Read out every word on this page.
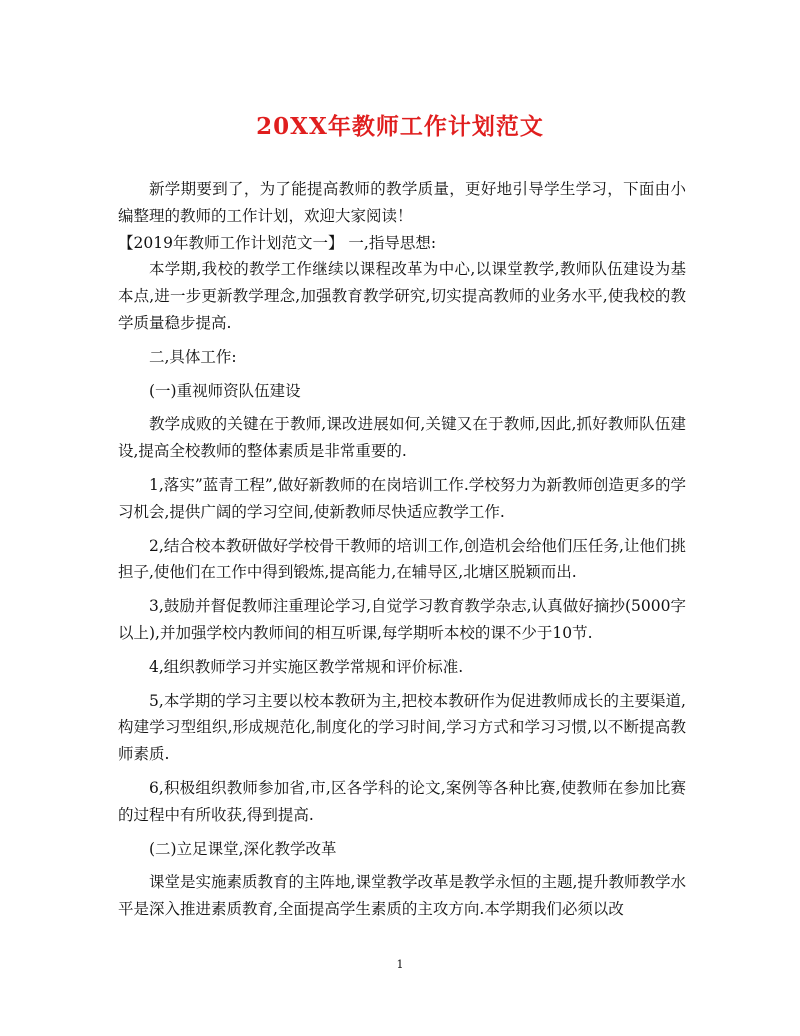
20XX年教师工作计划范文

新学期要到了，为了能提高教师的教学质量，更好地引导学生学习，下面由小编整理的教师的工作计划，欢迎大家阅读！

【2019年教师工作计划范文一】 一,指导思想:

本学期,我校的教学工作继续以课程改革为中心,以课堂教学,教师队伍建设为基本点,进一步更新教学理念,加强教育教学研究,切实提高教师的业务水平,使我校的教学质量稳步提高.

二,具体工作:

(一)重视师资队伍建设

教学成败的关键在于教师,课改进展如何,关键又在于教师,因此,抓好教师队伍建设,提高全校教师的整体素质是非常重要的.

1,落实”蓝青工程”,做好新教师的在岗培训工作.学校努力为新教师创造更多的学习机会,提供广阔的学习空间,使新教师尽快适应教学工作.

2,结合校本教研做好学校骨干教师的培训工作,创造机会给他们压任务,让他们挑担子,使他们在工作中得到锻炼,提高能力,在辅导区,北塘区脱颖而出.

3,鼓励并督促教师注重理论学习,自觉学习教育教学杂志,认真做好摘抄(5000字以上),并加强学校内教师间的相互听课,每学期听本校的课不少于10节.

4,组织教师学习并实施区教学常规和评价标准.

5,本学期的学习主要以校本教研为主,把校本教研作为促进教师成长的主要渠道,构建学习型组织,形成规范化,制度化的学习时间,学习方式和学习习惯,以不断提高教师素质.

6,积极组织教师参加省,市,区各学科的论文,案例等各种比赛,使教师在参加比赛的过程中有所收获,得到提高.

(二)立足课堂,深化教学改革

课堂是实施素质教育的主阵地,课堂教学改革是教学永恒的主题,提升教师教学水平是深入推进素质教育,全面提高学生素质的主攻方向.本学期我们必须以改

1
